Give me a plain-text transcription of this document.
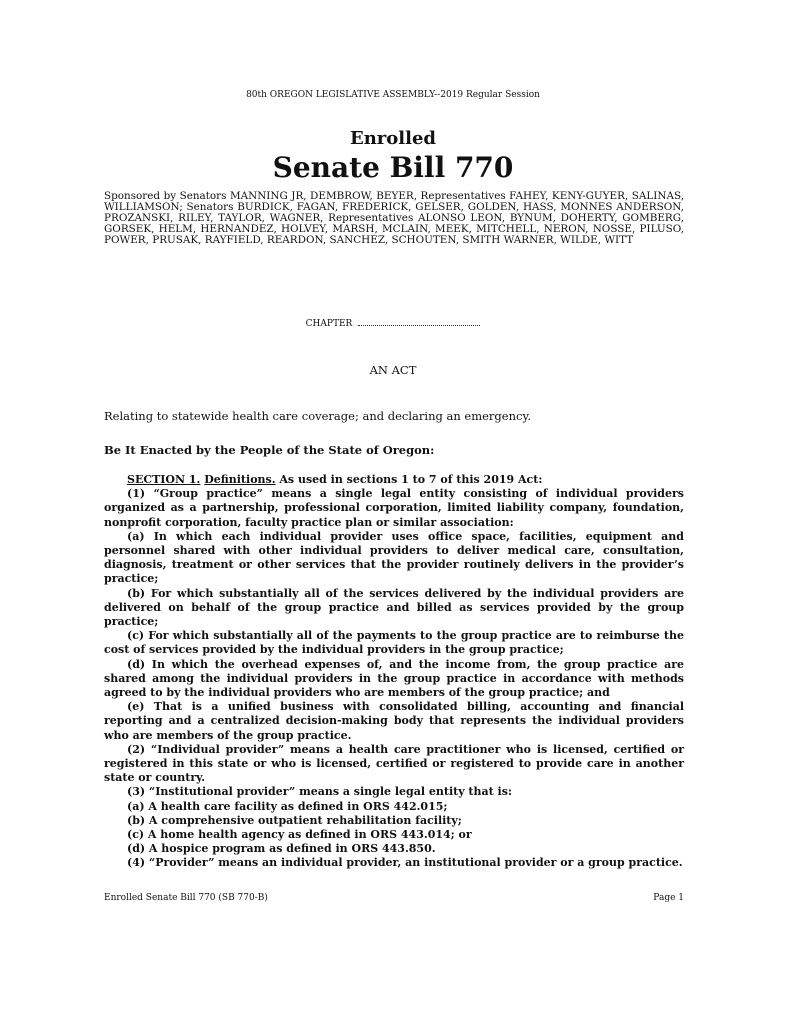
80th OREGON LEGISLATIVE ASSEMBLY--2019 Regular Session
Enrolled
Senate Bill 770
Sponsored by Senators MANNING JR, DEMBROW, BEYER, Representatives FAHEY, KENY-GUYER, SALINAS, WILLIAMSON; Senators BURDICK, FAGAN, FREDERICK, GELSER, GOLDEN, HASS, MONNES ANDERSON, PROZANSKI, RILEY, TAYLOR, WAGNER, Representatives ALONSO LEON, BYNUM, DOHERTY, GOMBERG, GORSEK, HELM, HERNANDEZ, HOLVEY, MARSH, MCLAIN, MEEK, MITCHELL, NERON, NOSSE, PILUSO, POWER, PRUSAK, RAYFIELD, REARDON, SANCHEZ, SCHOUTEN, SMITH WARNER, WILDE, WITT
CHAPTER
AN ACT
Relating to statewide health care coverage; and declaring an emergency.
Be It Enacted by the People of the State of Oregon:

SECTION 1. Definitions. As used in sections 1 to 7 of this 2019 Act:

(1) “Group practice” means a single legal entity consisting of individual providers organized as a partnership, professional corporation, limited liability company, foundation, nonprofit corporation, faculty practice plan or similar association:

(a) In which each individual provider uses office space, facilities, equipment and personnel shared with other individual providers to deliver medical care, consultation, diagnosis, treatment or other services that the provider routinely delivers in the provider’s practice;

(b) For which substantially all of the services delivered by the individual providers are delivered on behalf of the group practice and billed as services provided by the group practice;

(c) For which substantially all of the payments to the group practice are to reimburse the cost of services provided by the individual providers in the group practice;

(d) In which the overhead expenses of, and the income from, the group practice are shared among the individual providers in the group practice in accordance with methods agreed to by the individual providers who are members of the group practice; and

(e) That is a unified business with consolidated billing, accounting and financial reporting and a centralized decision-making body that represents the individual providers who are members of the group practice.

(2) “Individual provider” means a health care practitioner who is licensed, certified or registered in this state or who is licensed, certified or registered to provide care in another state or country.

(3) “Institutional provider” means a single legal entity that is:

(a) A health care facility as defined in ORS 442.015;

(b) A comprehensive outpatient rehabilitation facility;

(c) A home health agency as defined in ORS 443.014; or

(d) A hospice program as defined in ORS 443.850.

(4) “Provider” means an individual provider, an institutional provider or a group practice.

Enrolled Senate Bill 770 (SB 770-B)	Page 1
